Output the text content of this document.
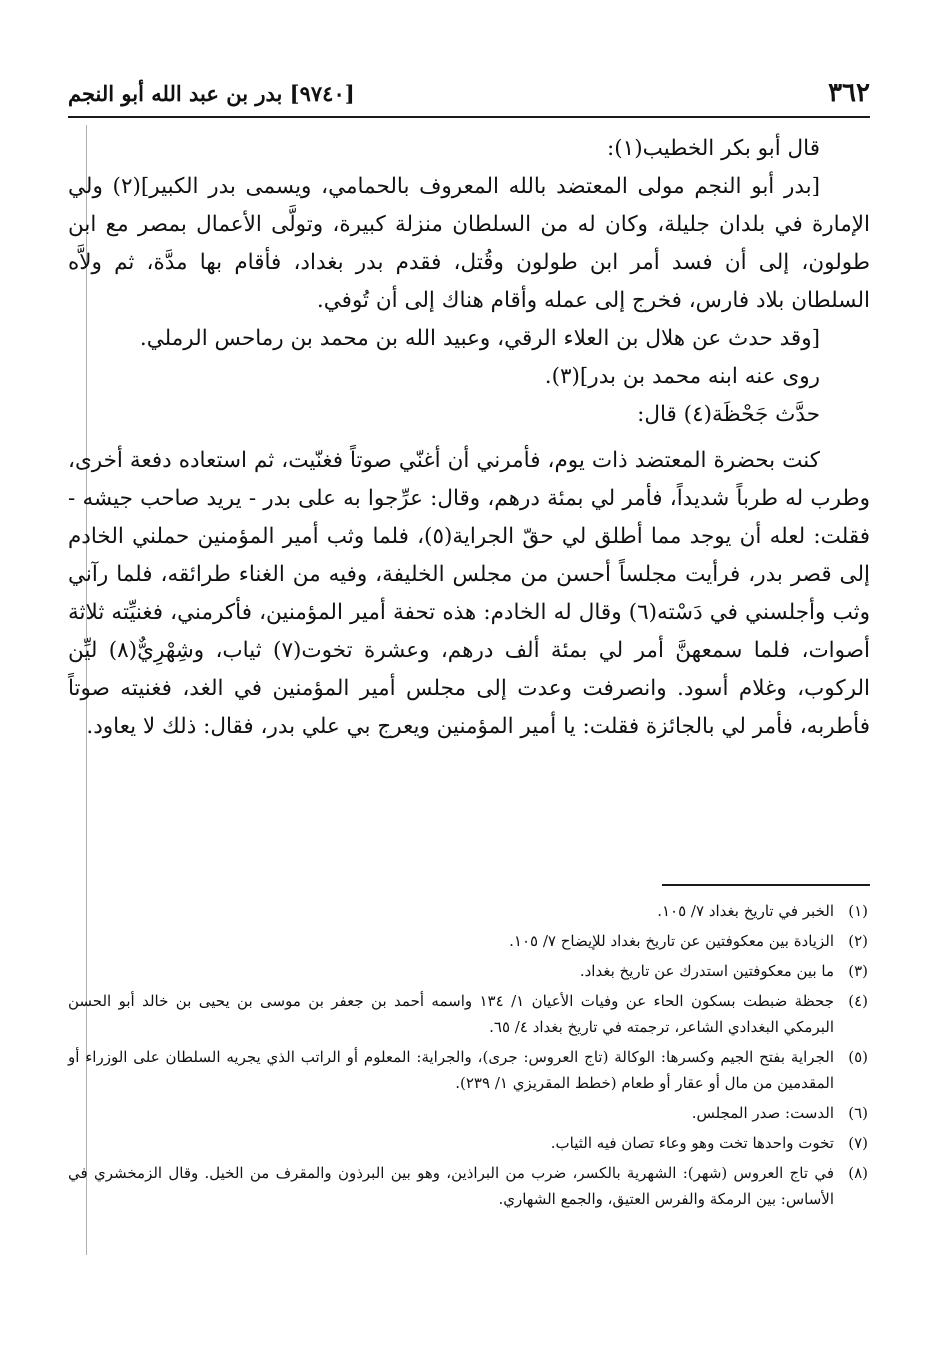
٣٦٢
[٩٧٤٠] بدر بن عبد الله أبو النجم

قال أبو بكر الخطيب(١):

[بدر أبو النجم مولى المعتضد بالله المعروف بالحمامي، ويسمى بدر الكبير](٢) ولي الإمارة في بلدان جليلة، وكان له من السلطان منزلة كبيرة، وتولَّى الأعمال بمصر مع ابن طولون، إلى أن فسد أمر ابن طولون وقُتل، فقدم بدر بغداد، فأقام بها مدَّة، ثم ولاَّه السلطان بلاد فارس، فخرج إلى عمله وأقام هناك إلى أن تُوفي.

[وقد حدث عن هلال بن العلاء الرقي، وعبيد الله بن محمد بن رماحس الرملي.

روى عنه ابنه محمد بن بدر](٣).

حدَّث جَحْظَة(٤) قال:

كنت بحضرة المعتضد ذات يوم، فأمرني أن أغنّي صوتاً فغنّيت، ثم استعاده دفعة أخرى، وطرب له طرباً شديداً، فأمر لي بمئة درهم، وقال: عرِّجوا به على بدر - يريد صاحب جيشه - فقلت: لعله أن يوجد مما أطلق لي حقّ الجراية(٥)، فلما وثب أمير المؤمنين حملني الخادم إلى قصر بدر، فرأيت مجلساً أحسن من مجلس الخليفة، وفيه من الغناء طرائقه، فلما رآني وثب وأجلسني في دَسْته(٦) وقال له الخادم: هذه تحفة أمير المؤمنين، فأكرمني، فغنيِّته ثلاثة أصوات، فلما سمعهنَّ أمر لي بمئة ألف درهم، وعشرة تخوت(٧) ثياب، وشِهْرِيٌّ(٨) ليِّن الركوب، وغلام أسود. وانصرفت وعدت إلى مجلس أمير المؤمنين في الغد، فغنيته صوتاً فأطربه، فأمر لي بالجائزة فقلت: يا أمير المؤمنين ويعرج بي علي بدر، فقال: ذلك لا يعاود.

(١)
الخبر في تاريخ بغداد ٧/ ١٠٥.
(٢)
الزيادة بين معكوفتين عن تاريخ بغداد للإيضاح ٧/ ١٠٥.
(٣)
ما بين معكوفتين استدرك عن تاريخ بغداد.
(٤)
جحظة ضبطت بسكون الحاء عن وفيات الأعيان ١/ ١٣٤ واسمه أحمد بن جعفر بن موسى بن يحيى بن خالد أبو الحسن البرمكي البغدادي الشاعر، ترجمته في تاريخ بغداد ٤/ ٦٥.
(٥)
الجراية بفتح الجيم وكسرها: الوكالة (تاج العروس: جرى)، والجراية: المعلوم أو الراتب الذي يجريه السلطان على الوزراء أو المقدمين من مال أو عقار أو طعام (خطط المقريزي ١/ ٢٣٩).
(٦)
الدست: صدر المجلس.
(٧)
تخوت واحدها تخت وهو وعاء تصان فيه الثياب.
(٨)
في تاج العروس (شهر): الشهرية بالكسر، ضرب من البراذين، وهو بين البرذون والمقرف من الخيل. وقال الزمخشري في الأساس: بين الرمكة والفرس العتيق، والجمع الشهاري.
